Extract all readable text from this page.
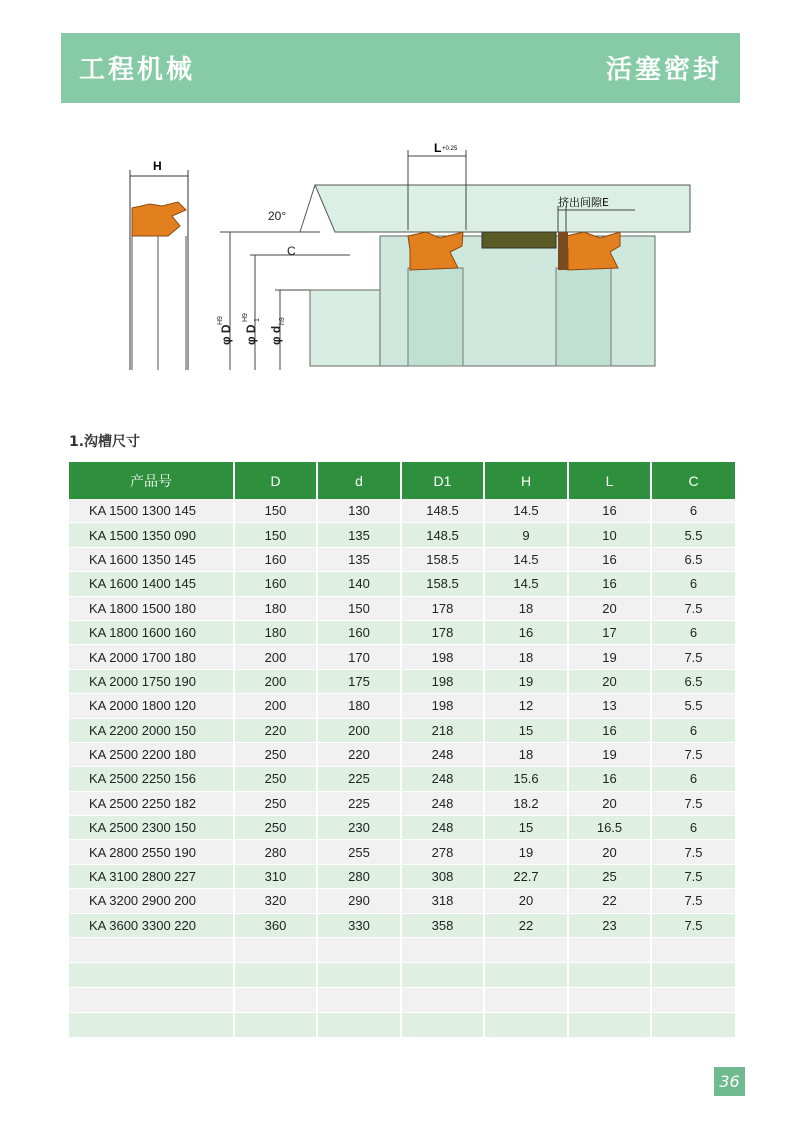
工程机械	活塞密封
H
20°
C
φ D
H9
φ D
1
H9
φ d
h9
L +0.25
挤出间隙E
1.沟槽尺寸
产品号	D	d	D1	H	L	C
KA 1500 1300 145	150	130	148.5	14.5	16	6
KA 1500 1350 090	150	135	148.5	9	10	5.5
KA 1600 1350 145	160	135	158.5	14.5	16	6.5
KA 1600 1400 145	160	140	158.5	14.5	16	6
KA 1800 1500 180	180	150	178	18	20	7.5
KA 1800 1600 160	180	160	178	16	17	6
KA 2000 1700 180	200	170	198	18	19	7.5
KA 2000 1750 190	200	175	198	19	20	6.5
KA 2000 1800 120	200	180	198	12	13	5.5
KA 2200 2000 150	220	200	218	15	16	6
KA 2500 2200 180	250	220	248	18	19	7.5
KA 2500 2250 156	250	225	248	15.6	16	6
KA 2500 2250 182	250	225	248	18.2	20	7.5
KA 2500 2300 150	250	230	248	15	16.5	6
KA 2800 2550 190	280	255	278	19	20	7.5
KA 3100 2800 227	310	280	308	22.7	25	7.5
KA 3200 2900 200	320	290	318	20	22	7.5
KA 3600 3300 220	360	330	358	22	23	7.5

36
